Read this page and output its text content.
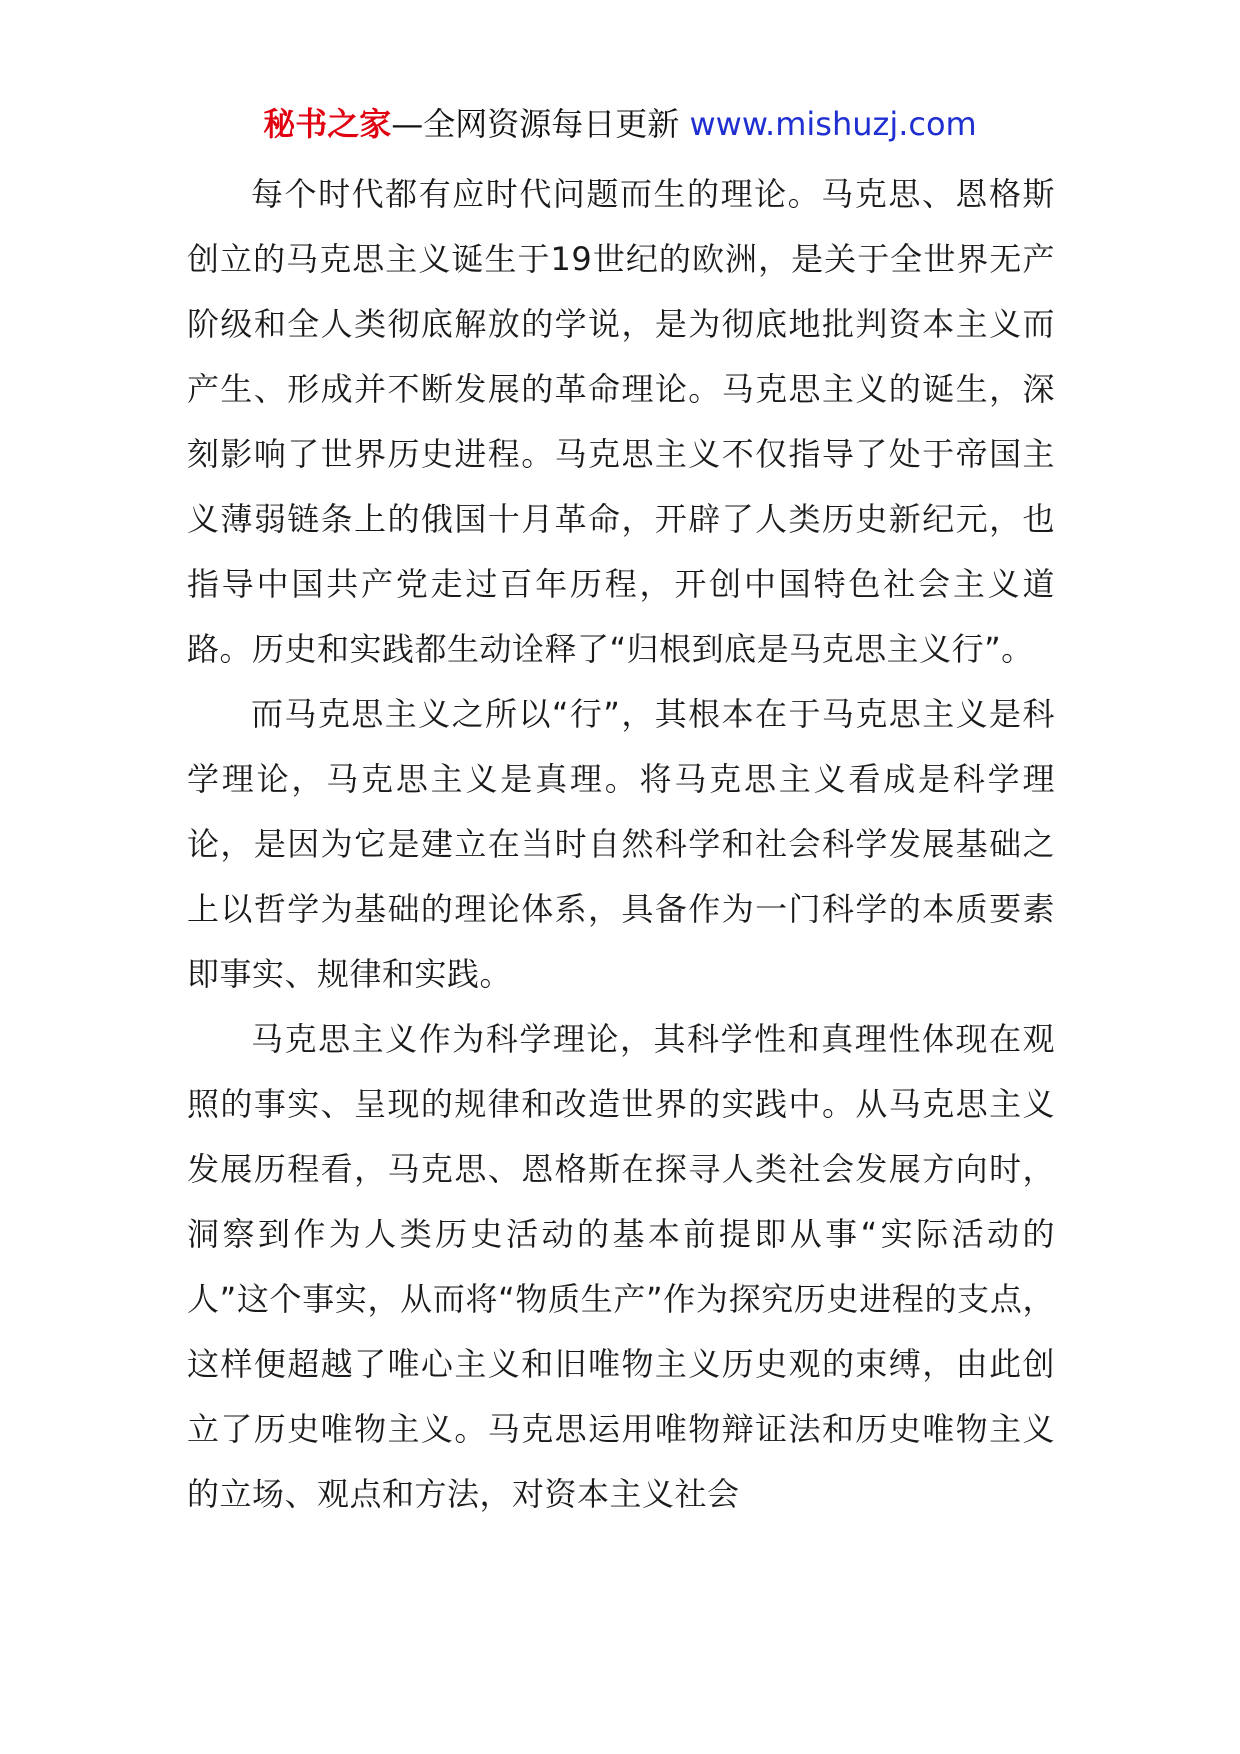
秘书之家—全网资源每日更新 www.mishuzj.com

每个时代都有应时代问题而生的理论。马克思、恩格斯创立的马克思主义诞生于19世纪的欧洲，是关于全世界无产阶级和全人类彻底解放的学说，是为彻底地批判资本主义而产生、形成并不断发展的革命理论。马克思主义的诞生，深刻影响了世界历史进程。马克思主义不仅指导了处于帝国主义薄弱链条上的俄国十月革命，开辟了人类历史新纪元，也指导中国共产党走过百年历程，开创中国特色社会主义道路。历史和实践都生动诠释了“归根到底是马克思主义行”。

而马克思主义之所以“行”，其根本在于马克思主义是科学理论，马克思主义是真理。将马克思主义看成是科学理论，是因为它是建立在当时自然科学和社会科学发展基础之上以哲学为基础的理论体系，具备作为一门科学的本质要素即事实、规律和实践。

马克思主义作为科学理论，其科学性和真理性体现在观照的事实、呈现的规律和改造世界的实践中。从马克思主义发展历程看，马克思、恩格斯在探寻人类社会发展方向时，洞察到作为人类历史活动的基本前提即从事“实际活动的人”这个事实，从而将“物质生产”作为探究历史进程的支点，这样便超越了唯心主义和旧唯物主义历史观的束缚，由此创立了历史唯物主义。马克思运用唯物辩证法和历史唯物主义的立场、观点和方法，对资本主义社会
